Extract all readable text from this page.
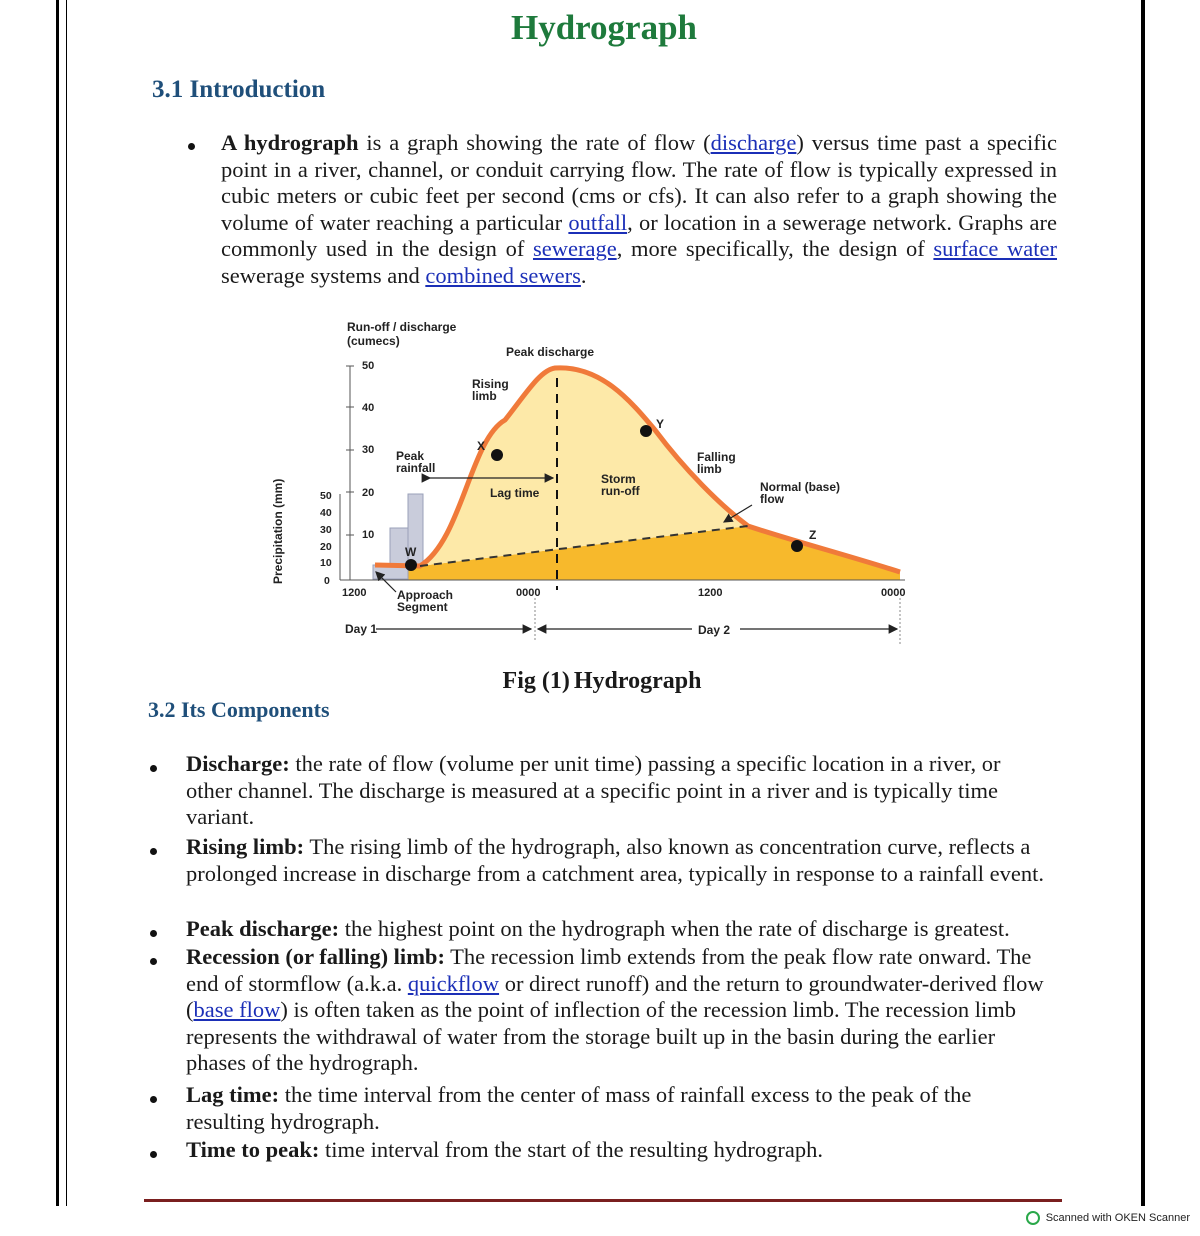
Hydrograph
3.1 Introduction
A hydrograph is a graph showing the rate of flow (discharge) versus time past a specific point in a river, channel, or conduit carrying flow. The rate of flow is typically expressed in cubic meters or cubic feet per second (cms or cfs). It can also refer to a graph showing the volume of water reaching a particular outfall, or location in a sewerage network. Graphs are commonly used in the design of sewerage, more specifically, the design of surface water sewerage systems and combined sewers.
Run-off / discharge
(cumecs)
50
40
30
20
10
Precipitation (mm)	50
40
30
20
10
0
1200	0000	1200	0000
Peak discharge
Rising
limb
Peak
rainfall
Lag time
Storm
run-off
Falling
limb
Normal (base)
flow
Approach
Segment
W
X
Y
Z
Day 1	Day 2
Fig (1) Hydrograph
3.2 Its Components
Discharge: the rate of flow (volume per unit time) passing a specific location in a river, or other channel. The discharge is measured at a specific point in a river and is typically time variant.
Rising limb: The rising limb of the hydrograph, also known as concentration curve, reflects a prolonged increase in discharge from a catchment area, typically in response to a rainfall event.
Peak discharge: the highest point on the hydrograph when the rate of discharge is greatest.
Recession (or falling) limb: The recession limb extends from the peak flow rate onward. The end of stormflow (a.k.a. quickflow or direct runoff) and the return to groundwater-derived flow (base flow) is often taken as the point of inflection of the recession limb. The recession limb represents the withdrawal of water from the storage built up in the basin during the earlier phases of the hydrograph.
Lag time: the time interval from the center of mass of rainfall excess to the peak of the resulting hydrograph.
Time to peak: time interval from the start of the resulting hydrograph.
Scanned with OKEN Scanner
